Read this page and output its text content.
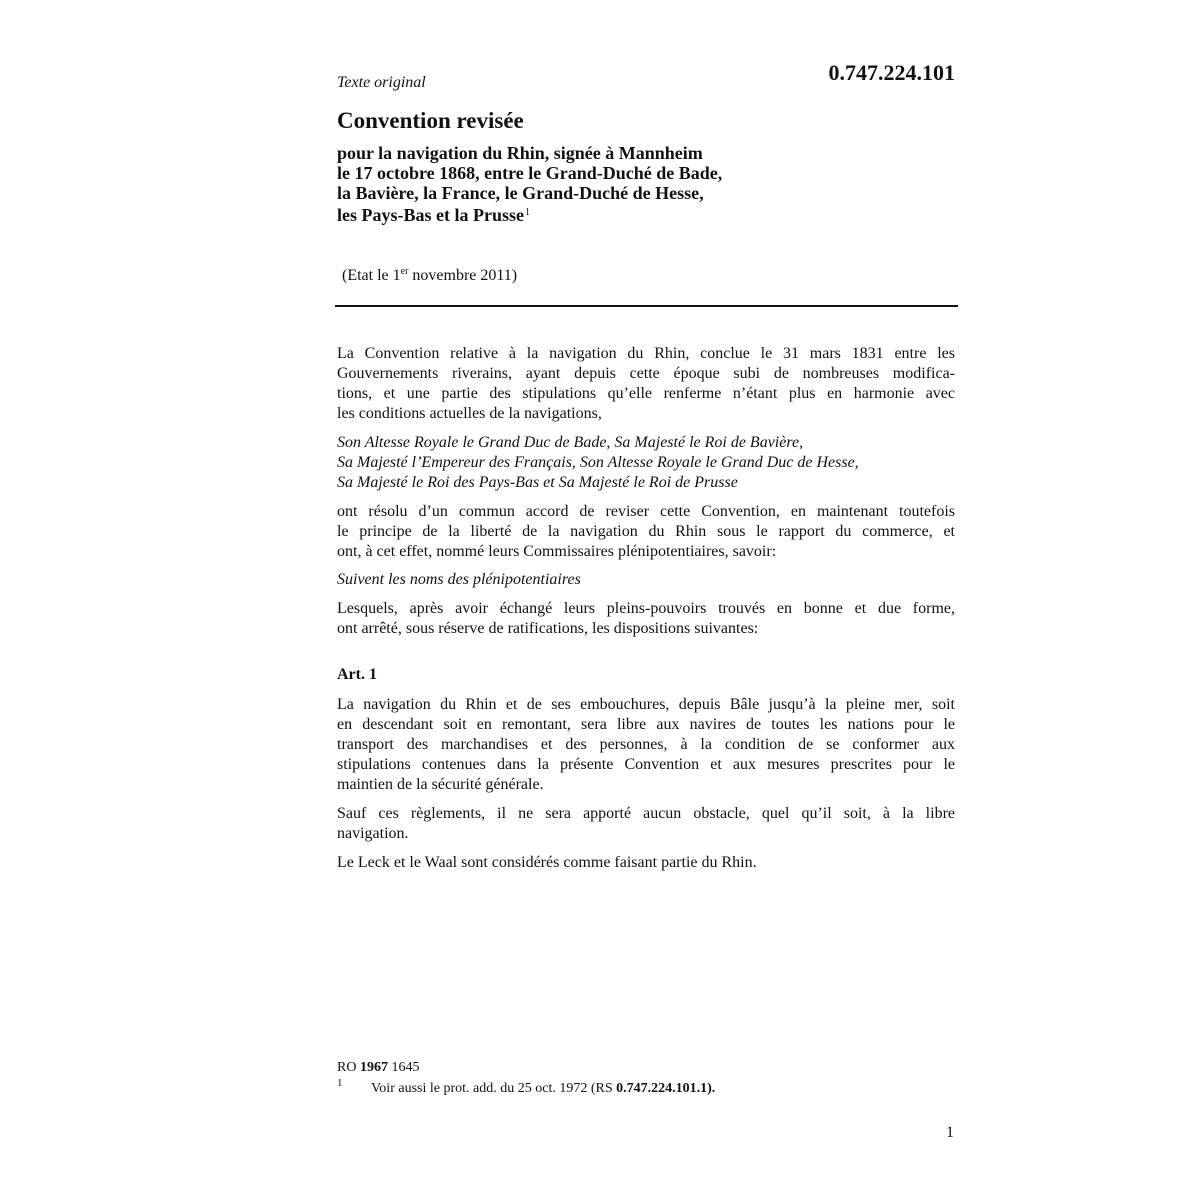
Texte original	0.747.224.101
Convention revisée
pour la navigation du Rhin, signée à Mannheim
le 17 octobre 1868, entre le Grand-Duché de Bade,
la Bavière, la France, le Grand-Duché de Hesse,
les Pays-Bas et la Prusse$^1$
(Etat le 1er novembre 2011)
La Convention relative à la navigation du Rhin, conclue le 31 mars 1831 entre les
Gouvernements riverains, ayant depuis cette époque subi de nombreuses modifica-
tions, et une partie des stipulations qu’elle renferme n’étant plus en harmonie avec
les conditions actuelles de la navigations,
Son Altesse Royale le Grand Duc de Bade, Sa Majesté le Roi de Bavière,
Sa Majesté l’Empereur des Français, Son Altesse Royale le Grand Duc de Hesse,
Sa Majesté le Roi des Pays-Bas et Sa Majesté le Roi de Prusse
ont résolu d’un commun accord de reviser cette Convention, en maintenant toutefois
le principe de la liberté de la navigation du Rhin sous le rapport du commerce, et
ont, à cet effet, nommé leurs Commissaires plénipotentiaires, savoir:
Suivent les noms des plénipotentiaires
Lesquels, après avoir échangé leurs pleins-pouvoirs trouvés en bonne et due forme,
ont arrêté, sous réserve de ratifications, les dispositions suivantes:
Art. 1
La navigation du Rhin et de ses embouchures, depuis Bâle jusqu’à la pleine mer, soit
en descendant soit en remontant, sera libre aux navires de toutes les nations pour le
transport des marchandises et des personnes, à la condition de se conformer aux
stipulations contenues dans la présente Convention et aux mesures prescrites pour le
maintien de la sécurité générale.
Sauf ces règlements, il ne sera apporté aucun obstacle, quel qu’il soit, à la libre
navigation.
Le Leck et le Waal sont considérés comme faisant partie du Rhin.
RO 1967 1645
1 Voir aussi le prot. add. du 25 oct. 1972 (RS 0.747.224.101.1).
1
